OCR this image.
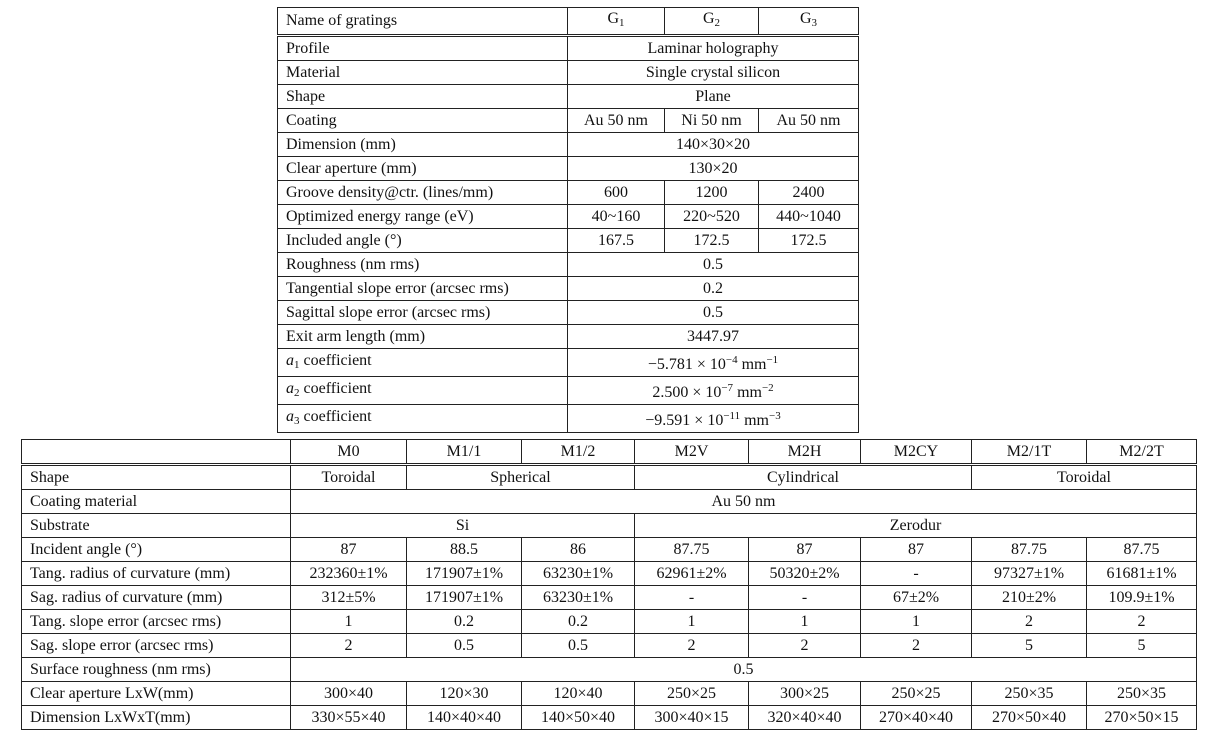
Name of gratings	$G_1$	$G_2$	$G_3$
Profile	Laminar holography		
Material	Single crystal silicon		
Shape	Plane		
Coating	Au 50 nm	Ni 50 nm	Au 50 nm
Dimension (mm)	140×30×20		
Clear aperture (mm)	130×20		
Groove density@ctr. (lines/mm)	600	1200	2400
Optimized energy range (eV)	40~160	220~520	440~1040
Included angle (°)	167.5	172.5	172.5
Roughness (nm rms)	0.5		
Tangential slope error (arcsec rms)	0.2		
Sagittal slope error (arcsec rms)	0.5		
Exit arm length (mm)	3447.97		
$a_1$ coefficient	$-5.781 \times 10^{-4}$ $mm^{-1}$
$a_2$ coefficient	$2.500 \times 10^{-7}$ $mm^{-2}$
$a_3$ coefficient	$-9.591 \times 10^{-11}$ $mm^{-3}$
	M0	M1/1	M1/2	M2V	M2H	M2CY	M2/1T	M2/2T
Shape	Toroidal	Spherical		Cylindrical			Toroidal	
Coating material	Au 50 nm							
Substrate	Si			Zerodur				
Incident angle (°)	87	88.5	86	87.75	87	87	87.75	87.75
Tang. radius of curvature (mm)	232360±1%	171907±1%	63230±1%	62961±2%	50320±2%	-	97327±1%	61681±1%
Sag. radius of curvature (mm)	312±5%	171907±1%	63230±1%	-	-	67±2%	210±2%	109.9±1%
Tang. slope error (arcsec rms)	1	0.2	0.2	1	1	1	2	2
Sag. slope error (arcsec rms)	2	0.5	0.5	2	2	2	5	5
Surface roughness (nm rms)	0.5							
Clear aperture LxW(mm)	300×40	120×30	120×40	250×25	300×25	250×25	250×35	250×35
Dimension LxWxT(mm)	330×55×40	140×40×40	140×50×40	300×40×15	320×40×40	270×40×40	270×50×40	270×50×15
